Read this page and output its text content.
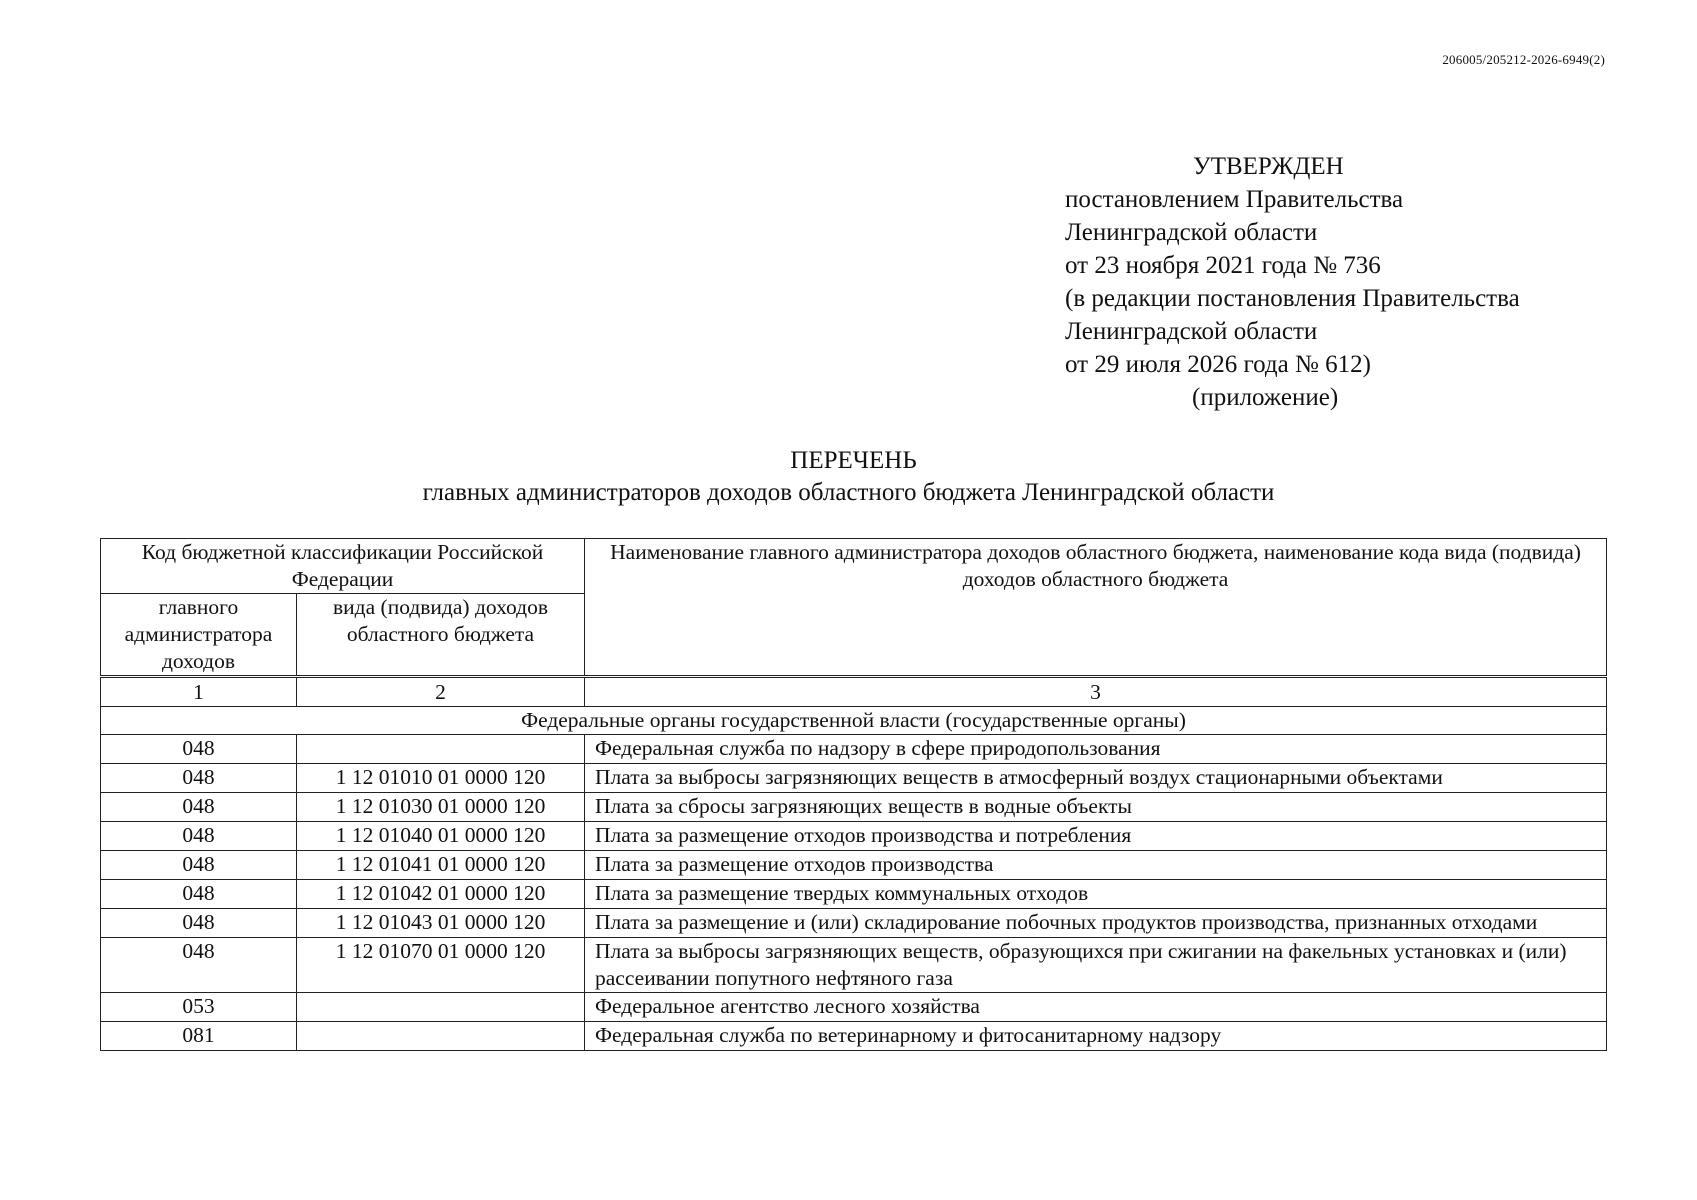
206005/205212-2026-6949(2)
УТВЕРЖДЕН
постановлением Правительства
Ленинградской области
от 23 ноября 2021 года № 736
(в редакции постановления Правительства
Ленинградской области
от 29 июля 2026 года № 612)
(приложение)
ПЕРЕЧЕНЬ
главных администраторов доходов областного бюджета Ленинградской области
Код бюджетной классификации Российской Федерации		Наименование главного администратора доходов областного бюджета, наименование кода вида (подвида) доходов областного бюджета
главного администратора доходов	вида (подвида) доходов областного бюджета	
1	2	3
Федеральные органы государственной власти (государственные органы)		
048		Федеральная служба по надзору в сфере природопользования
048	1 12 01010 01 0000 120	Плата за выбросы загрязняющих веществ в атмосферный воздух стационарными объектами
048	1 12 01030 01 0000 120	Плата за сбросы загрязняющих веществ в водные объекты
048	1 12 01040 01 0000 120	Плата за размещение отходов производства и потребления
048	1 12 01041 01 0000 120	Плата за размещение отходов производства
048	1 12 01042 01 0000 120	Плата за размещение твердых коммунальных отходов
048	1 12 01043 01 0000 120	Плата за размещение и (или) складирование побочных продуктов производства, признанных отходами
048	1 12 01070 01 0000 120	Плата за выбросы загрязняющих веществ, образующихся при сжигании на факельных установках и (или) рассеивании попутного нефтяного газа
053		Федеральное агентство лесного хозяйства
081		Федеральная служба по ветеринарному и фитосанитарному надзору
